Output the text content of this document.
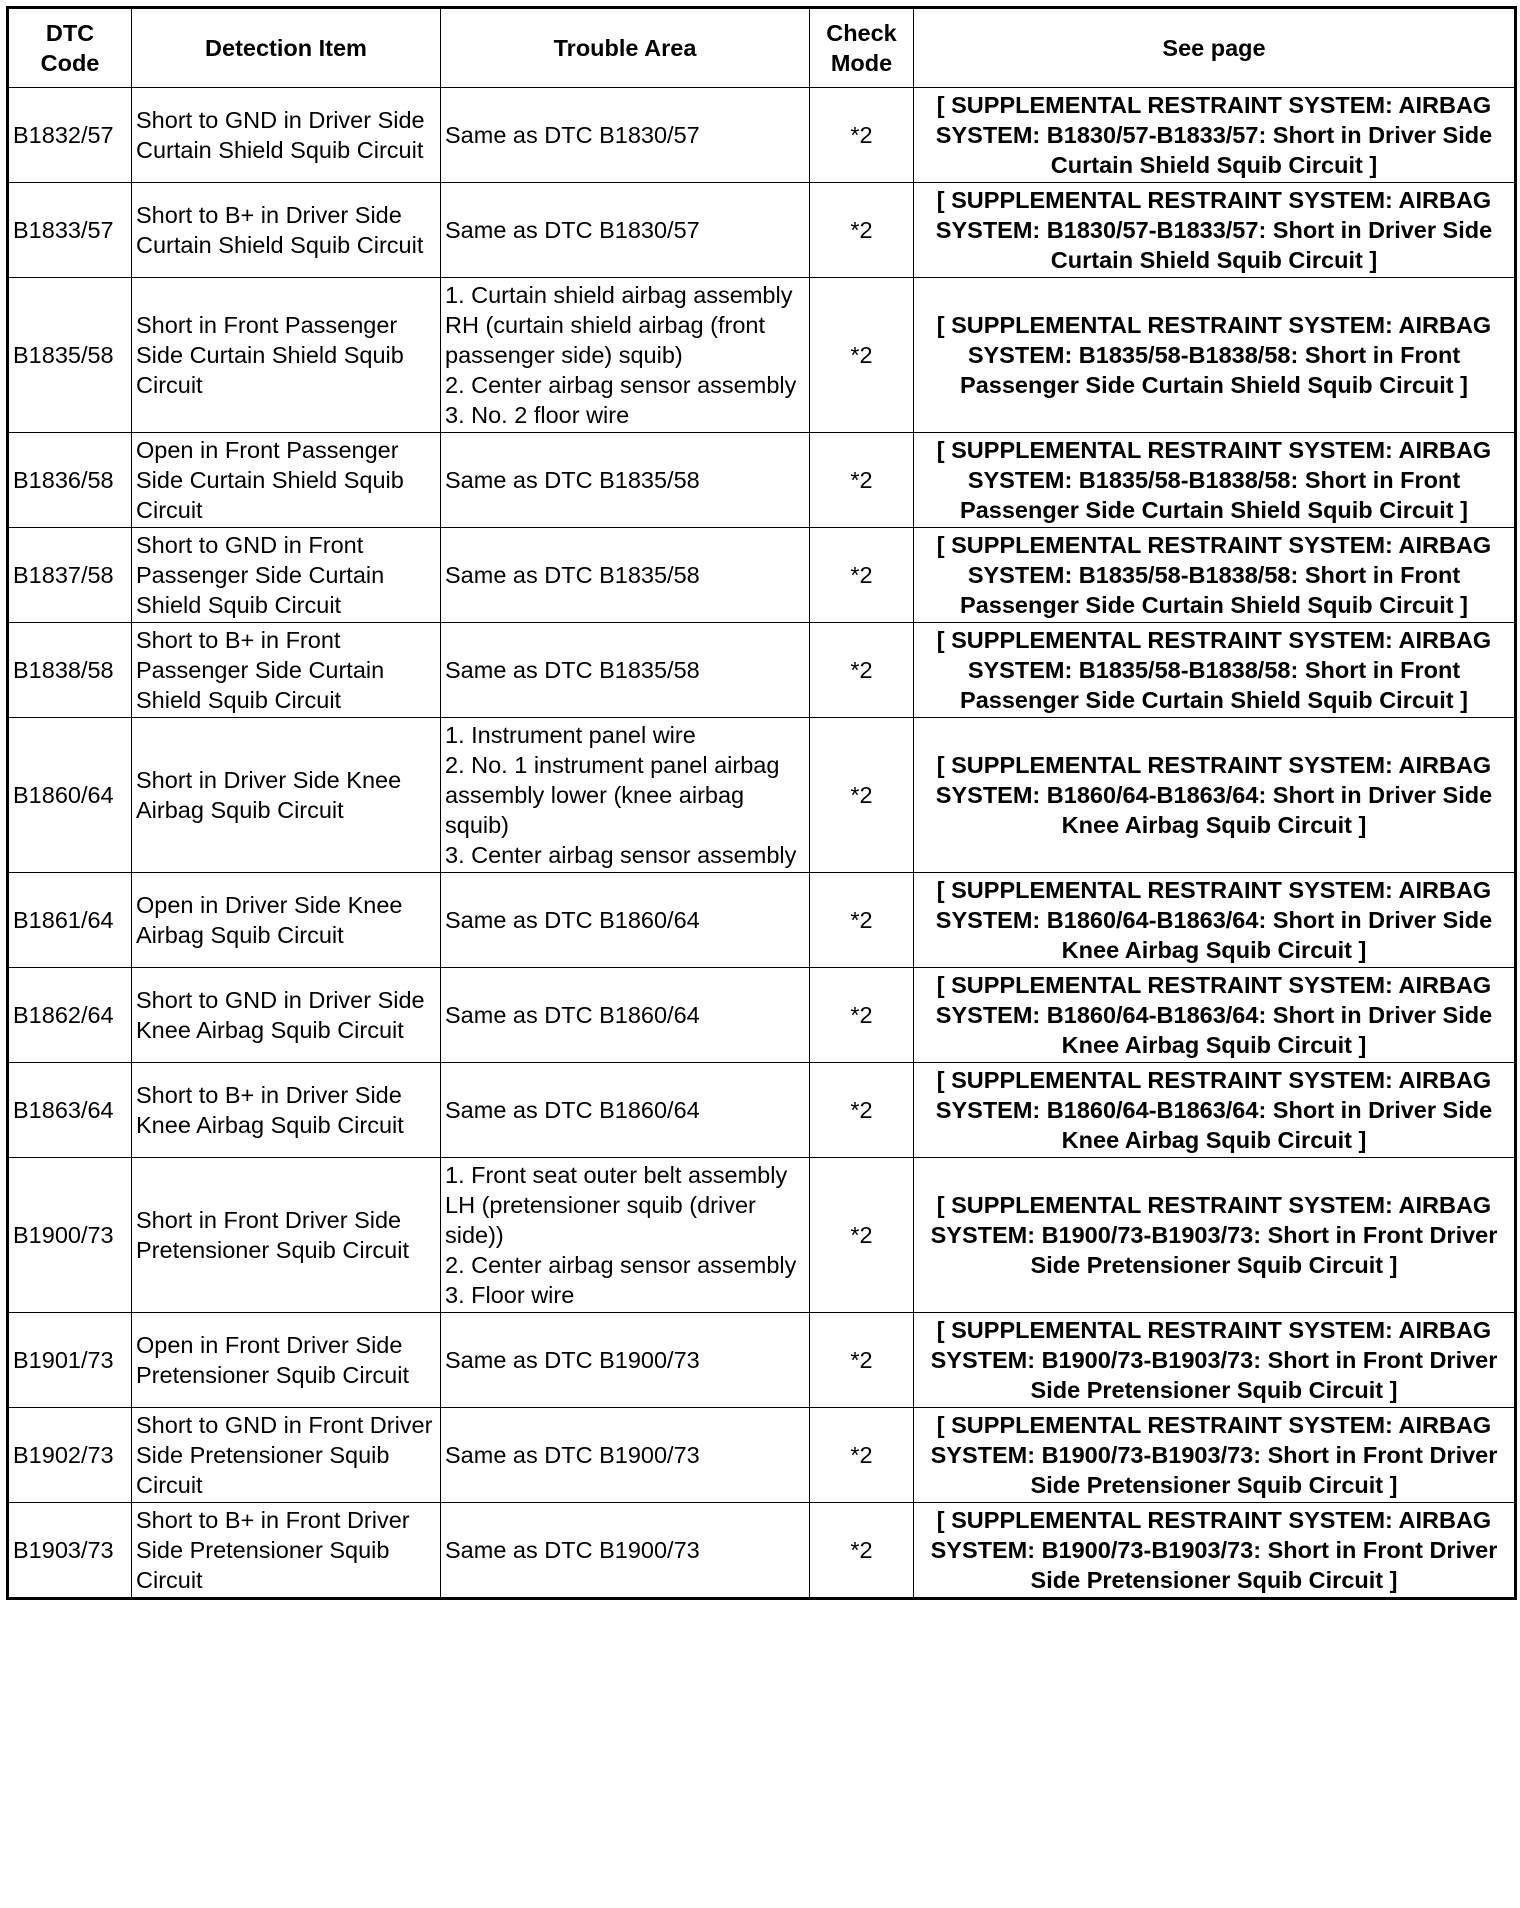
DTC Code	Detection Item	Trouble Area	Check Mode	See page
B1832/57	Short to GND in Driver Side Curtain Shield Squib Circuit	Same as DTC B1830/57	*2	[ SUPPLEMENTAL RESTRAINT SYSTEM: AIRBAG SYSTEM: B1830/57-B1833/57: Short in Driver Side Curtain Shield Squib Circuit ]
B1833/57	Short to B+ in Driver Side Curtain Shield Squib Circuit	Same as DTC B1830/57	*2	[ SUPPLEMENTAL RESTRAINT SYSTEM: AIRBAG SYSTEM: B1830/57-B1833/57: Short in Driver Side Curtain Shield Squib Circuit ]
B1835/58	Short in Front Passenger Side Curtain Shield Squib Circuit	1. Curtain shield airbag assembly RH (curtain shield airbag (front passenger side) squib)
2. Center airbag sensor assembly
3. No. 2 floor wire	*2	[ SUPPLEMENTAL RESTRAINT SYSTEM: AIRBAG SYSTEM: B1835/58-B1838/58: Short in Front Passenger Side Curtain Shield Squib Circuit ]
B1836/58	Open in Front Passenger Side Curtain Shield Squib Circuit	Same as DTC B1835/58	*2	[ SUPPLEMENTAL RESTRAINT SYSTEM: AIRBAG SYSTEM: B1835/58-B1838/58: Short in Front Passenger Side Curtain Shield Squib Circuit ]
B1837/58	Short to GND in Front Passenger Side Curtain Shield Squib Circuit	Same as DTC B1835/58	*2	[ SUPPLEMENTAL RESTRAINT SYSTEM: AIRBAG SYSTEM: B1835/58-B1838/58: Short in Front Passenger Side Curtain Shield Squib Circuit ]
B1838/58	Short to B+ in Front Passenger Side Curtain Shield Squib Circuit	Same as DTC B1835/58	*2	[ SUPPLEMENTAL RESTRAINT SYSTEM: AIRBAG SYSTEM: B1835/58-B1838/58: Short in Front Passenger Side Curtain Shield Squib Circuit ]
B1860/64	Short in Driver Side Knee Airbag Squib Circuit	1. Instrument panel wire
2. No. 1 instrument panel airbag assembly lower (knee airbag squib)
3. Center airbag sensor assembly	*2	[ SUPPLEMENTAL RESTRAINT SYSTEM: AIRBAG SYSTEM: B1860/64-B1863/64: Short in Driver Side Knee Airbag Squib Circuit ]
B1861/64	Open in Driver Side Knee Airbag Squib Circuit	Same as DTC B1860/64	*2	[ SUPPLEMENTAL RESTRAINT SYSTEM: AIRBAG SYSTEM: B1860/64-B1863/64: Short in Driver Side Knee Airbag Squib Circuit ]
B1862/64	Short to GND in Driver Side Knee Airbag Squib Circuit	Same as DTC B1860/64	*2	[ SUPPLEMENTAL RESTRAINT SYSTEM: AIRBAG SYSTEM: B1860/64-B1863/64: Short in Driver Side Knee Airbag Squib Circuit ]
B1863/64	Short to B+ in Driver Side Knee Airbag Squib Circuit	Same as DTC B1860/64	*2	[ SUPPLEMENTAL RESTRAINT SYSTEM: AIRBAG SYSTEM: B1860/64-B1863/64: Short in Driver Side Knee Airbag Squib Circuit ]
B1900/73	Short in Front Driver Side Pretensioner Squib Circuit	1. Front seat outer belt assembly LH (pretensioner squib (driver side))
2. Center airbag sensor assembly
3. Floor wire	*2	[ SUPPLEMENTAL RESTRAINT SYSTEM: AIRBAG SYSTEM: B1900/73-B1903/73: Short in Front Driver Side Pretensioner Squib Circuit ]
B1901/73	Open in Front Driver Side Pretensioner Squib Circuit	Same as DTC B1900/73	*2	[ SUPPLEMENTAL RESTRAINT SYSTEM: AIRBAG SYSTEM: B1900/73-B1903/73: Short in Front Driver Side Pretensioner Squib Circuit ]
B1902/73	Short to GND in Front Driver Side Pretensioner Squib Circuit	Same as DTC B1900/73	*2	[ SUPPLEMENTAL RESTRAINT SYSTEM: AIRBAG SYSTEM: B1900/73-B1903/73: Short in Front Driver Side Pretensioner Squib Circuit ]
B1903/73	Short to B+ in Front Driver Side Pretensioner Squib Circuit	Same as DTC B1900/73	*2	[ SUPPLEMENTAL RESTRAINT SYSTEM: AIRBAG SYSTEM: B1900/73-B1903/73: Short in Front Driver Side Pretensioner Squib Circuit ]
